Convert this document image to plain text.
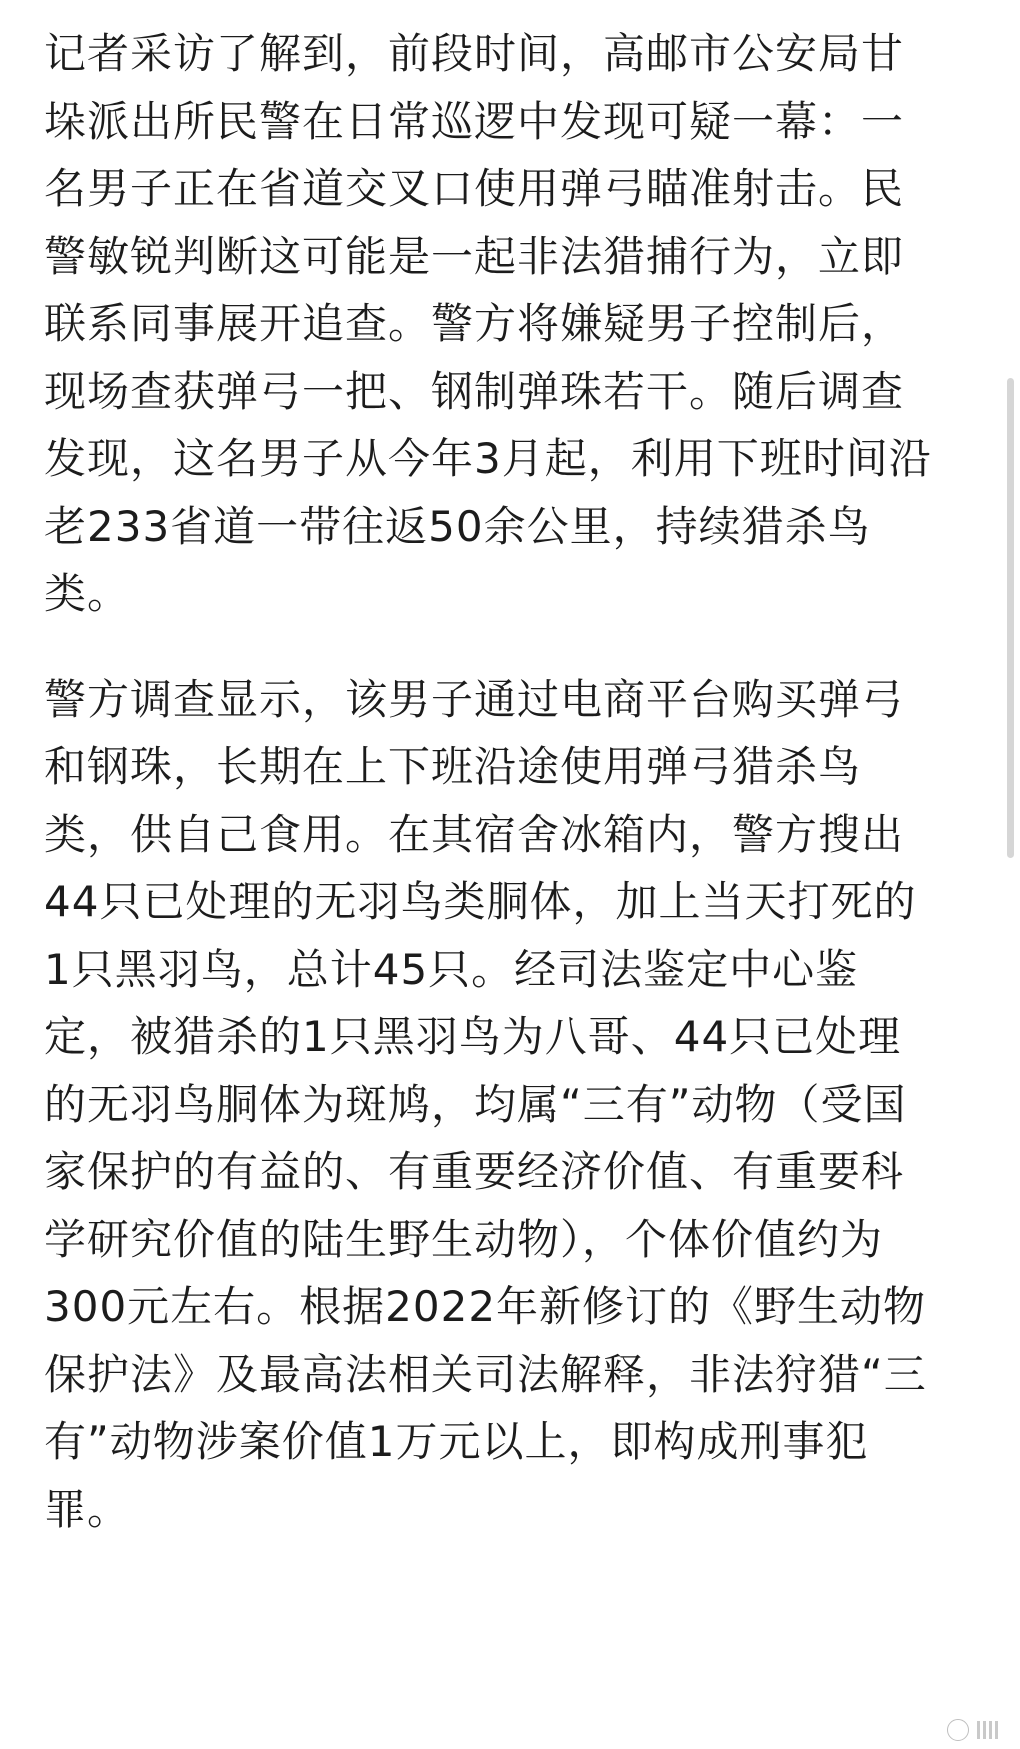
记者采访了解到，前段时间，高邮市公安局甘
垛派出所民警在日常巡逻中发现可疑一幕：一
名男子正在省道交叉口使用弹弓瞄准射击。民
警敏锐判断这可能是一起非法猎捕行为，立即
联系同事展开追查。警方将嫌疑男子控制后，
现场查获弹弓一把、钢制弹珠若干。随后调查
发现，这名男子从今年3月起，利用下班时间沿
老233省道一带往返50余公里，持续猎杀鸟
类。

警方调查显示，该男子通过电商平台购买弹弓
和钢珠，长期在上下班沿途使用弹弓猎杀鸟
类，供自己食用。在其宿舍冰箱内，警方搜出
44只已处理的无羽鸟类胴体，加上当天打死的
1只黑羽鸟，总计45只。经司法鉴定中心鉴
定，被猎杀的1只黑羽鸟为八哥、44只已处理
的无羽鸟胴体为斑鸠，均属“三有”动物（受国
家保护的有益的、有重要经济价值、有重要科
学研究价值的陆生野生动物），个体价值约为
300元左右。根据2022年新修订的《野生动物
保护法》及最高法相关司法解释，非法狩猎“三
有”动物涉案价值1万元以上，即构成刑事犯
罪。
